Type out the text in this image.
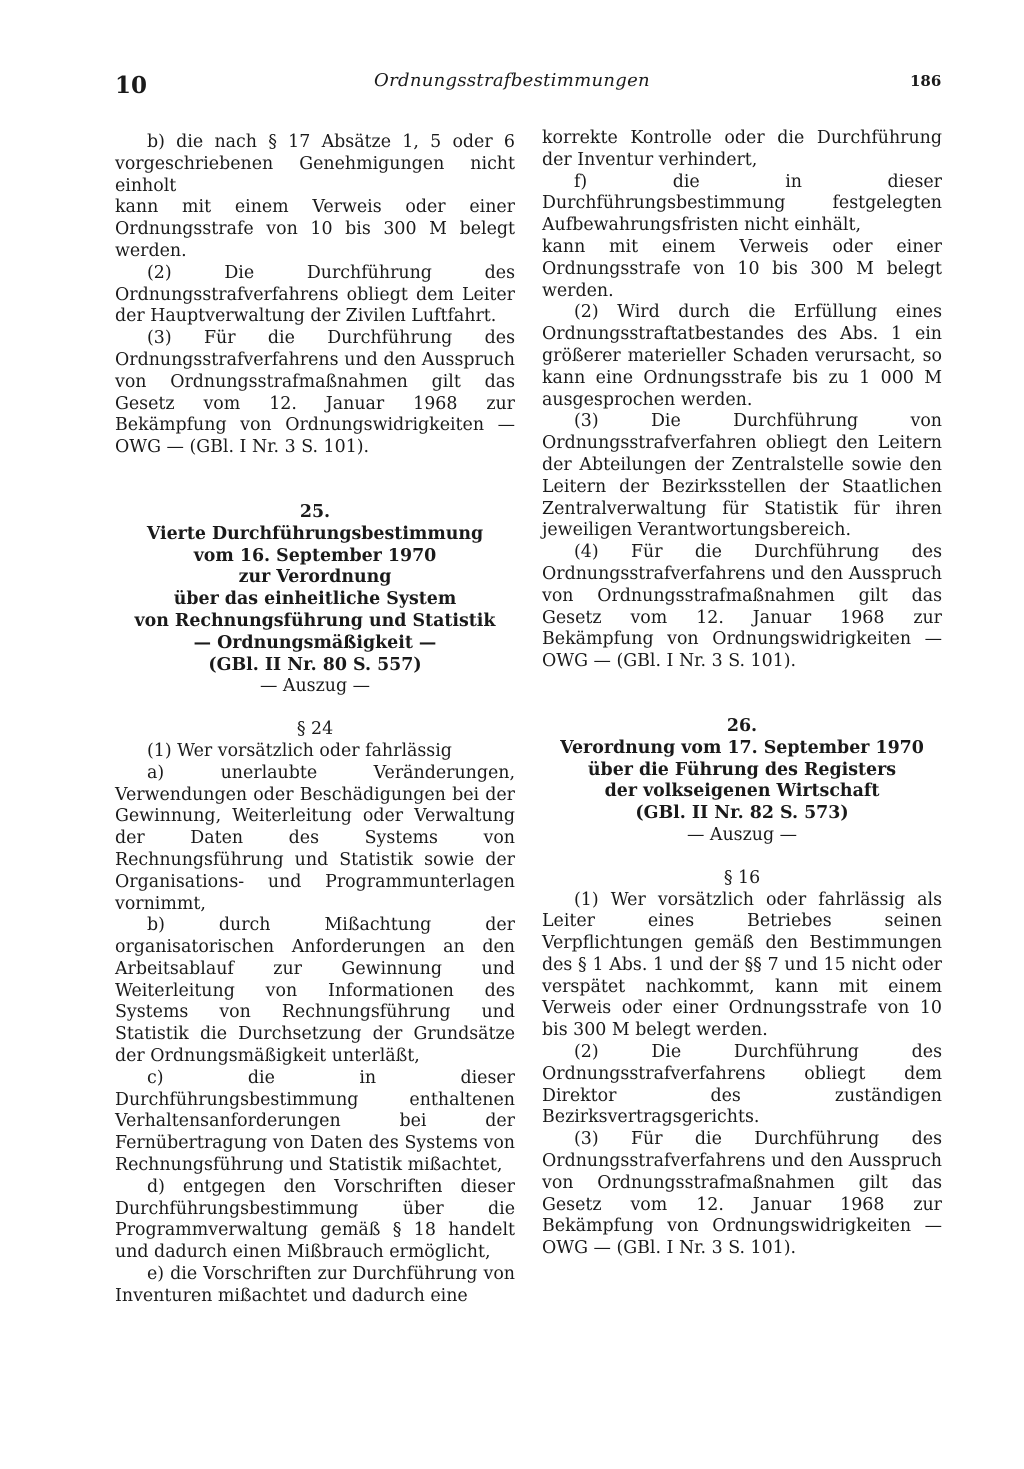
10	Ordnungsstrafbestimmungen	186

b) die nach § 17 Absätze 1, 5 oder 6 vorgeschriebenen Genehmigungen nicht einholt

kann mit einem Verweis oder einer Ordnungsstrafe von 10 bis 300 M belegt werden.

(2) Die Durchführung des Ordnungsstrafverfahrens obliegt dem Leiter der Hauptverwaltung der Zivilen Luftfahrt.

(3) Für die Durchführung des Ordnungsstrafverfahrens und den Ausspruch von Ordnungsstrafmaßnahmen gilt das Gesetz vom 12. Januar 1968 zur Bekämpfung von Ordnungswidrigkeiten — OWG — (GBl. I Nr. 3 S. 101).

25.
Vierte Durchführungsbestimmung
vom 16. September 1970
zur Verordnung
über das einheitliche System
von Rechnungsführung und Statistik
— Ordnungsmäßigkeit —
(GBl. II Nr. 80 S. 557)
— Auszug —
§ 24

(1) Wer vorsätzlich oder fahrlässig

a) unerlaubte Veränderungen, Verwendungen oder Beschädigungen bei der Gewinnung, Weiterleitung oder Verwaltung der Daten des Systems von Rechnungsführung und Statistik sowie der Organisations- und Programmunterlagen vornimmt,

b) durch Mißachtung der organisatorischen Anforderungen an den Arbeitsablauf zur Gewinnung und Weiterleitung von Informationen des Systems von Rechnungsführung und Statistik die Durchsetzung der Grundsätze der Ordnungsmäßigkeit unterläßt,

c) die in dieser Durchführungsbestimmung enthaltenen Verhaltensanforderungen bei der Fernübertragung von Daten des Systems von Rechnungsführung und Statistik mißachtet,

d) entgegen den Vorschriften dieser Durchführungsbestimmung über die Programmverwaltung gemäß § 18 handelt und dadurch einen Mißbrauch ermöglicht,

e) die Vorschriften zur Durchführung von Inventuren mißachtet und dadurch eine

korrekte Kontrolle oder die Durchführung der Inventur verhindert,

f) die in dieser Durchführungsbestimmung festgelegten Aufbewahrungsfristen nicht einhält,

kann mit einem Verweis oder einer Ordnungsstrafe von 10 bis 300 M belegt werden.

(2) Wird durch die Erfüllung eines Ordnungsstraftatbestandes des Abs. 1 ein größerer materieller Schaden verursacht, so kann eine Ordnungsstrafe bis zu 1 000 M ausgesprochen werden.

(3) Die Durchführung von Ordnungsstrafverfahren obliegt den Leitern der Abteilungen der Zentralstelle sowie den Leitern der Bezirksstellen der Staatlichen Zentralverwaltung für Statistik für ihren jeweiligen Verantwortungsbereich.

(4) Für die Durchführung des Ordnungsstrafverfahrens und den Ausspruch von Ordnungsstrafmaßnahmen gilt das Gesetz vom 12. Januar 1968 zur Bekämpfung von Ordnungswidrigkeiten — OWG — (GBl. I Nr. 3 S. 101).

26.
Verordnung vom 17. September 1970
über die Führung des Registers
der volkseigenen Wirtschaft
(GBl. II Nr. 82 S. 573)
— Auszug —
§ 16

(1) Wer vorsätzlich oder fahrlässig als Leiter eines Betriebes seinen Verpflichtungen gemäß den Bestimmungen des § 1 Abs. 1 und der §§ 7 und 15 nicht oder verspätet nachkommt, kann mit einem Verweis oder einer Ordnungsstrafe von 10 bis 300 M belegt werden.

(2) Die Durchführung des Ordnungsstrafverfahrens obliegt dem Direktor des zuständigen Bezirksvertragsgerichts.

(3) Für die Durchführung des Ordnungsstrafverfahrens und den Ausspruch von Ordnungsstrafmaßnahmen gilt das Gesetz vom 12. Januar 1968 zur Bekämpfung von Ordnungswidrigkeiten — OWG — (GBl. I Nr. 3 S. 101).
